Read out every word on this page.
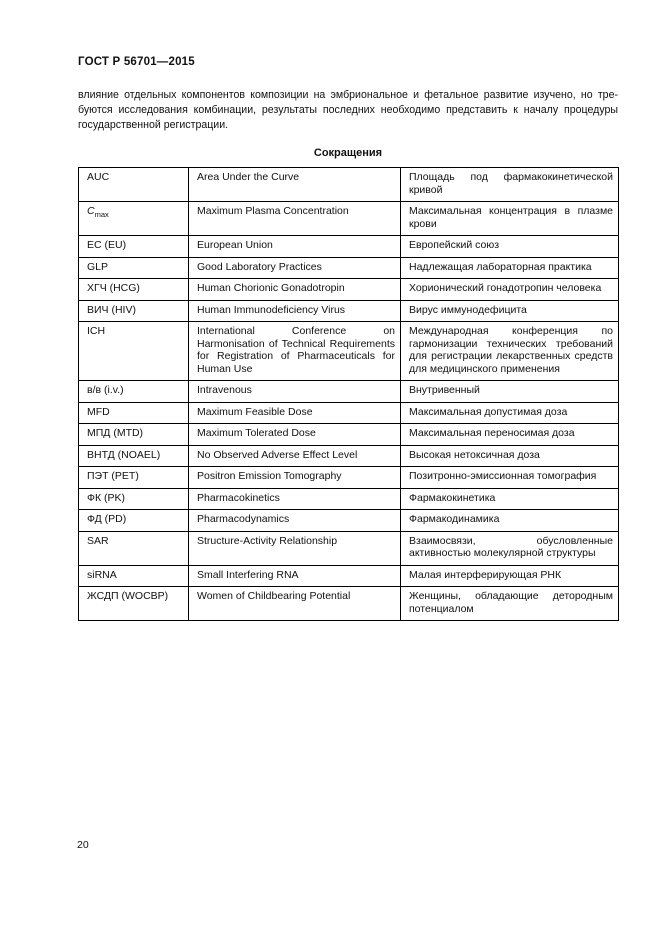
ГОСТ Р 56701—2015
влияние отдельных компонентов композиции на эмбриональное и фетальное развитие изучено, но требуются исследования комбинации, результаты последних необходимо представить к началу процедуры государственной регистрации.
Сокращения
AUC	Area Under the Curve	Площадь под фармакокинетической кривой
$C_{max}$	Maximum Plasma Concentration	Максимальная концентрация в плазме крови
EC (EU)	European Union	Европейский союз
GLP	Good Laboratory Practices	Надлежащая лабораторная практика
ХГЧ (HCG)	Human Chorionic Gonadotropin	Хорионический гонадотропин человека
ВИЧ (HIV)	Human Immunodeficiency Virus	Вирус иммунодефицита
ICH	International Conference on Harmonisation of Technical Requirements for Registration of Pharmaceuticals for Human Use	Международная конференция по гармонизации технических требований для регистрации лекарственных средств для медицинского применения
в/в (i.v.)	Intravenous	Внутривенный
MFD	Maximum Feasible Dose	Максимальная допустимая доза
МПД (MTD)	Maximum Tolerated Dose	Максимальная переносимая доза
ВНТД (NOAEL)	No Observed Adverse Effect Level	Высокая нетоксичная доза
ПЭТ (PET)	Positron Emission Tomography	Позитронно-эмиссионная томография
ФК (PK)	Pharmacokinetics	Фармакокинетика
ФД (PD)	Pharmacodynamics	Фармакодинамика
SAR	Structure-Activity Relationship	Взаимосвязи, обусловленные активностью молекулярной структуры
siRNA	Small Interfering RNA	Малая интерферирующая РНК
ЖСДП (WOCBP)	Women of Childbearing Potential	Женщины, обладающие детородным потенциалом
20
